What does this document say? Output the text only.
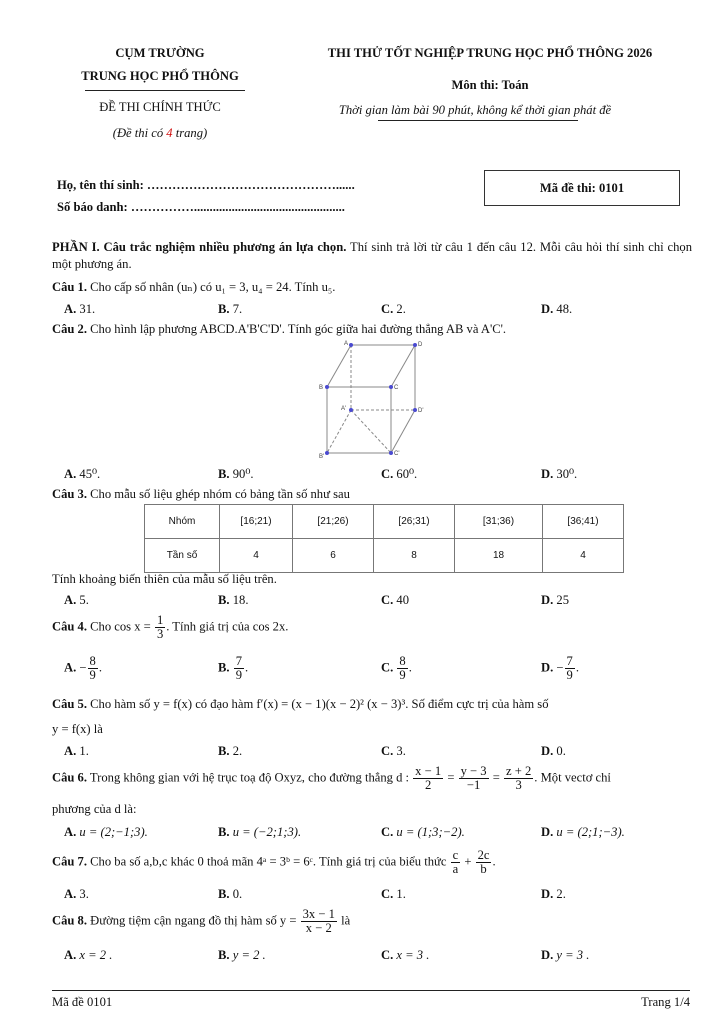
CỤM TRƯỜNG
TRUNG HỌC PHỔ THÔNG
ĐỀ THI CHÍNH THỨC
(Đề thi có 4 trang)
THI THỬ TỐT NGHIỆP TRUNG HỌC PHỔ THÔNG 2026
Môn thi: Toán
Thời gian làm bài 90 phút, không kể thời gian phát đề
Họ, tên thí sinh: ………………………………………......
Số báo danh: ……………................................................
Mã đề thi: 0101
PHẦN I. Câu trắc nghiệm nhiều phương án lựa chọn. Thí sinh trả lời từ câu 1 đến câu 12. Mỗi câu hỏi thí sinh chỉ chọn một phương án.
Câu 1. Cho cấp số nhân (uₙ) có u₁ = 3, u₄ = 24. Tính u₅.
A. 31.	B. 7.	C. 2.	D. 48.
Câu 2. Cho hình lập phương ABCD.A'B'C'D'. Tính góc giữa hai đường thẳng AB và A'C'.
A	D
B	C
A'	D'
B'	C'
A. 45⁰.	B. 90⁰.	C. 60⁰.	D. 30⁰.
Câu 3. Cho mẫu số liệu ghép nhóm có bảng tần số như sau
Nhóm	[16;21)	[21;26)	[26;31)	[31;36)	[36;41)
Tần số	4	6	8	18	4
Tính khoảng biến thiên của mẫu số liệu trên.
A. 5.	B. 18.	C. 40	D. 25
Câu 4. Cho $\cos x = \frac{1}{3}$ . Tính giá trị của cos 2x.
A. − $\frac{8}{9}$ .	B. $\frac{7}{9}$ .	C. $\frac{8}{9}$ .	D. − $\frac{7}{9}$ .
Câu 5. Cho hàm số y = f(x) có đạo hàm f′(x) = (x − 1)(x − 2)² (x − 3)³. Số điểm cực trị của hàm số
y = f(x) là
A. 1.	B. 2.	C. 3.	D. 0.
Câu 6. Trong không gian với hệ trục toạ độ Oxyz, cho đường thẳng d : $\frac{x - 1}{2} = \frac{y - 3}{-1} = \frac{z + 2}{3}$ . Một vectơ chỉ
phương của d là:
A. u = (2;−1;3).	B. u = (−2;1;3).	C. u = (1;3;−2).	D. u = (2;1;−3).
Câu 7. Cho ba số a,b,c khác 0 thoả mãn 4ᵃ = 3ᵇ = 6ᶜ. Tính giá trị của biểu thức $\frac{c}{a} + \frac{2c}{b}$ .
A. 3.	B. 0.	C. 1.	D. 2.
Câu 8. Đường tiệm cận ngang đồ thị hàm số $y = \frac{3x - 1}{x - 2}$ là
A. x = 2 .	B. y = 2 .	C. x = 3 .	D. y = 3 .
Mã đề 0101	Trang 1/4
